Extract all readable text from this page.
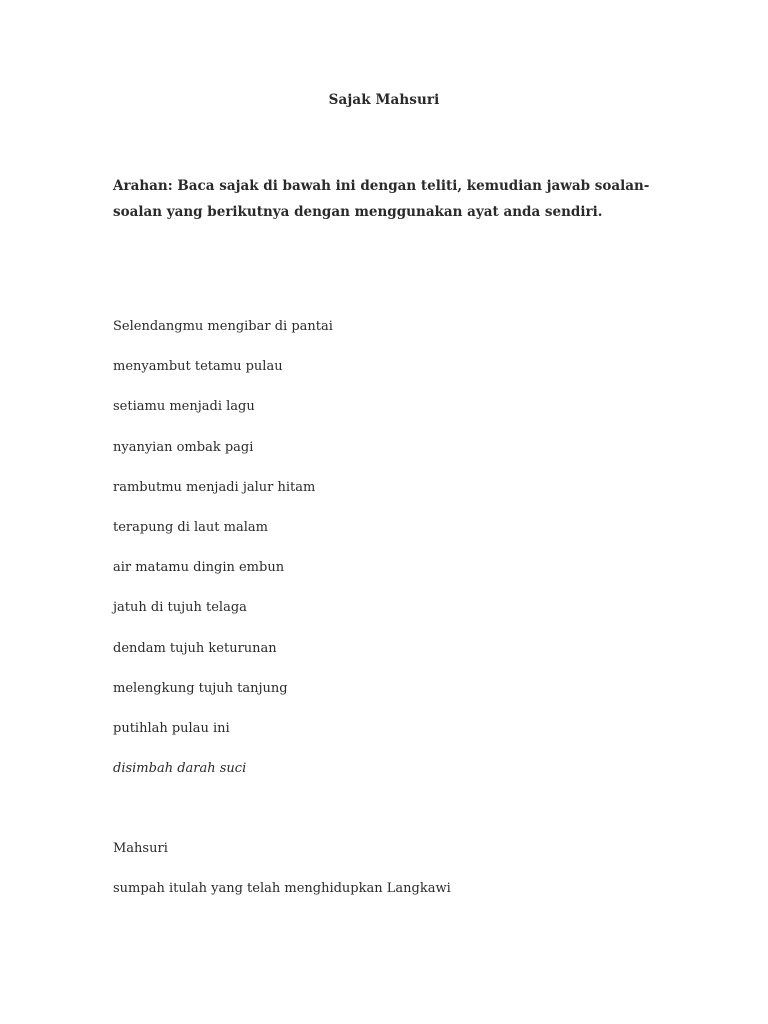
Sajak Mahsuri
Arahan: Baca sajak di bawah ini dengan teliti, kemudian jawab soalan-soalan yang berikutnya dengan menggunakan ayat anda sendiri.
Selendangmu mengibar di pantai
menyambut tetamu pulau
setiamu menjadi lagu
nyanyian ombak pagi
rambutmu menjadi jalur hitam
terapung di laut malam
air matamu dingin embun
jatuh di tujuh telaga
dendam tujuh keturunan
melengkung tujuh tanjung
putihlah pulau ini
disimbah darah suci
Mahsuri
sumpah itulah yang telah menghidupkan Langkawi
